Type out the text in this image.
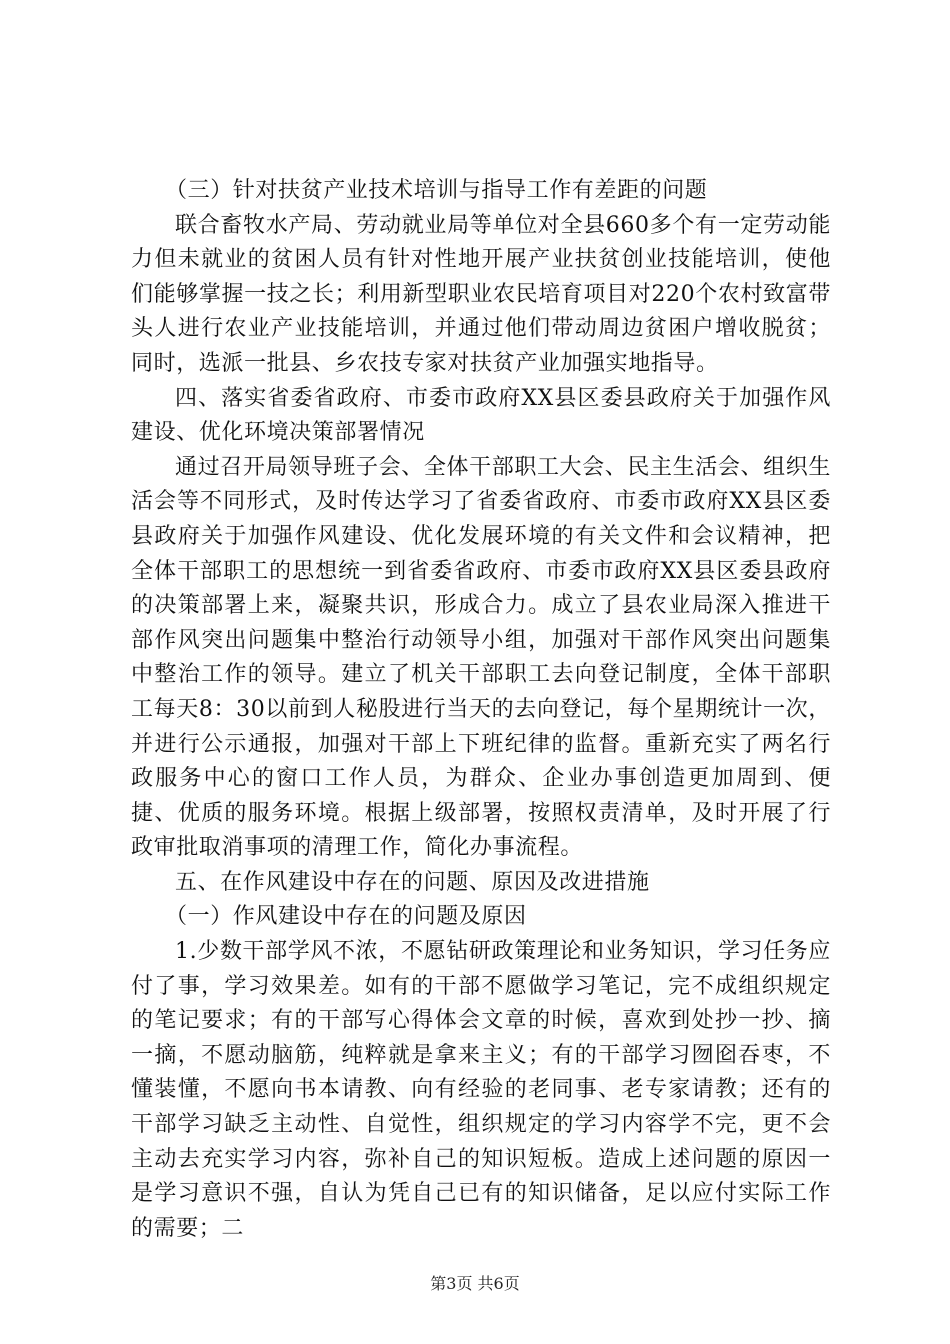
（三）针对扶贫产业技术培训与指导工作有差距的问题

联合畜牧水产局、劳动就业局等单位对全县660多个有一定劳动能力但未就业的贫困人员有针对性地开展产业扶贫创业技能培训，使他们能够掌握一技之长；利用新型职业农民培育项目对220个农村致富带头人进行农业产业技能培训，并通过他们带动周边贫困户增收脱贫；同时，选派一批县、乡农技专家对扶贫产业加强实地指导。

四、落实省委省政府、市委市政府XX县区委县政府关于加强作风建设、优化环境决策部署情况

通过召开局领导班子会、全体干部职工大会、民主生活会、组织生活会等不同形式，及时传达学习了省委省政府、市委市政府XX县区委县政府关于加强作风建设、优化发展环境的有关文件和会议精神，把全体干部职工的思想统一到省委省政府、市委市政府XX县区委县政府的决策部署上来，凝聚共识，形成合力。成立了县农业局深入推进干部作风突出问题集中整治行动领导小组，加强对干部作风突出问题集中整治工作的领导。建立了机关干部职工去向登记制度，全体干部职工每天8：30以前到人秘股进行当天的去向登记，每个星期统计一次，并进行公示通报，加强对干部上下班纪律的监督。重新充实了两名行政服务中心的窗口工作人员，为群众、企业办事创造更加周到、便捷、优质的服务环境。根据上级部署，按照权责清单，及时开展了行政审批取消事项的清理工作，简化办事流程。

五、在作风建设中存在的问题、原因及改进措施

（一）作风建设中存在的问题及原因

1.少数干部学风不浓，不愿钻研政策理论和业务知识，学习任务应付了事，学习效果差。如有的干部不愿做学习笔记，完不成组织规定的笔记要求；有的干部写心得体会文章的时候，喜欢到处抄一抄、摘一摘，不愿动脑筋，纯粹就是拿来主义；有的干部学习囫囵吞枣，不懂装懂，不愿向书本请教、向有经验的老同事、老专家请教；还有的干部学习缺乏主动性、自觉性，组织规定的学习内容学不完，更不会主动去充实学习内容，弥补自己的知识短板。造成上述问题的原因一是学习意识不强，自认为凭自己已有的知识储备，足以应付实际工作的需要；二

第3页 共6页
